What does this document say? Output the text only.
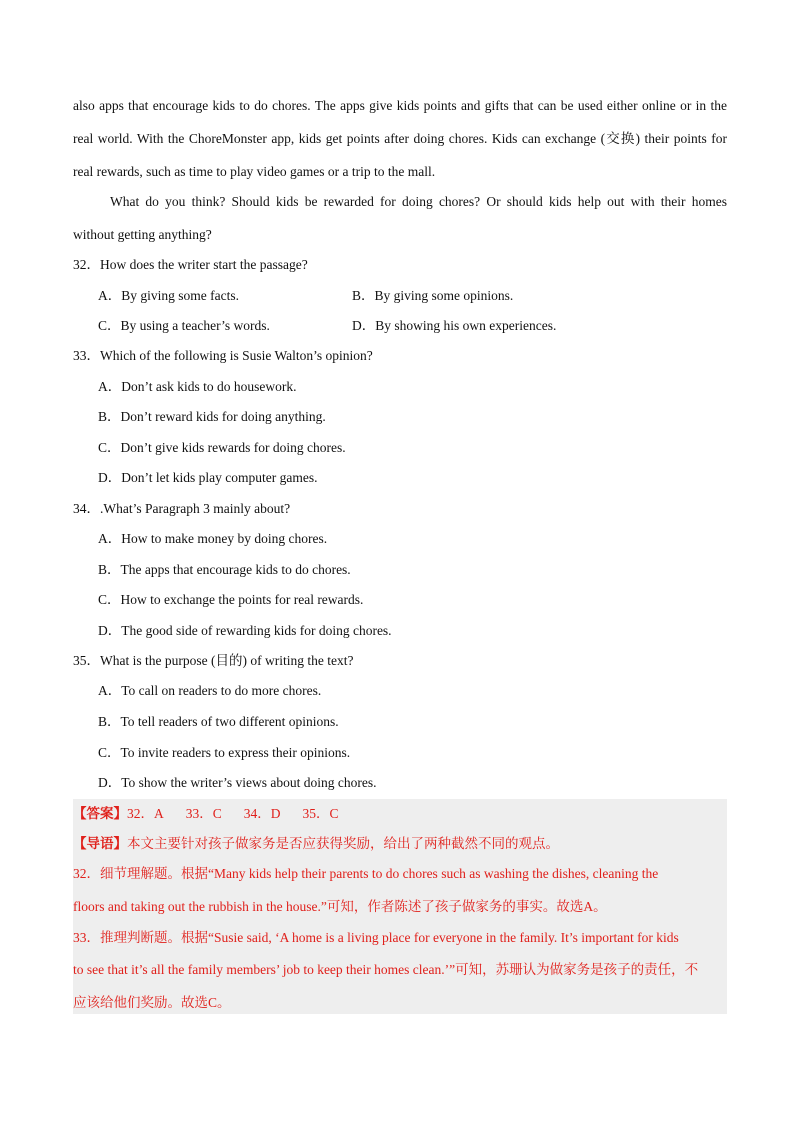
also apps that encourage kids to do chores. The apps give kids points and gifts that can be used either online or in the
real world. With the ChoreMonster app, kids get points after doing chores. Kids can exchange (交换) their points for
real rewards, such as time to play video games or a trip to the mall.
What do you think? Should kids be rewarded for doing chores? Or should kids help out with their homes
without getting anything?
32．How does the writer start the passage?
A．By giving some facts.	B．By giving some opinions.
C．By using a teacher’s words.	D．By showing his own experiences.
33．Which of the following is Susie Walton’s opinion?
A．Don’t ask kids to do housework.
B．Don’t reward kids for doing anything.
C．Don’t give kids rewards for doing chores.
D．Don’t let kids play computer games.
34．.What’s Paragraph 3 mainly about?
A．How to make money by doing chores.
B．The apps that encourage kids to do chores.
C．How to exchange the points for real rewards.
D．The good side of rewarding kids for doing chores.
35．What is the purpose (目的) of writing the text?
A．To call on readers to do more chores.
B．To tell readers of two different opinions.
C．To invite readers to express their opinions.
D．To show the writer’s views about doing chores.
【答案】32．A 33．C 34．D 35．C
【导语】本文主要针对孩子做家务是否应获得奖励，给出了两种截然不同的观点。
32．细节理解题。根据“Many kids help their parents to do chores such as washing the dishes, cleaning the
floors and taking out the rubbish in the house.”可知，作者陈述了孩子做家务的事实。故选A。
33．推理判断题。根据“Susie said, ‘A home is a living place for everyone in the family. It’s important for kids
to see that it’s all the family members’ job to keep their homes clean.’”可知，苏珊认为做家务是孩子的责任，不
应该给他们奖励。故选C。
